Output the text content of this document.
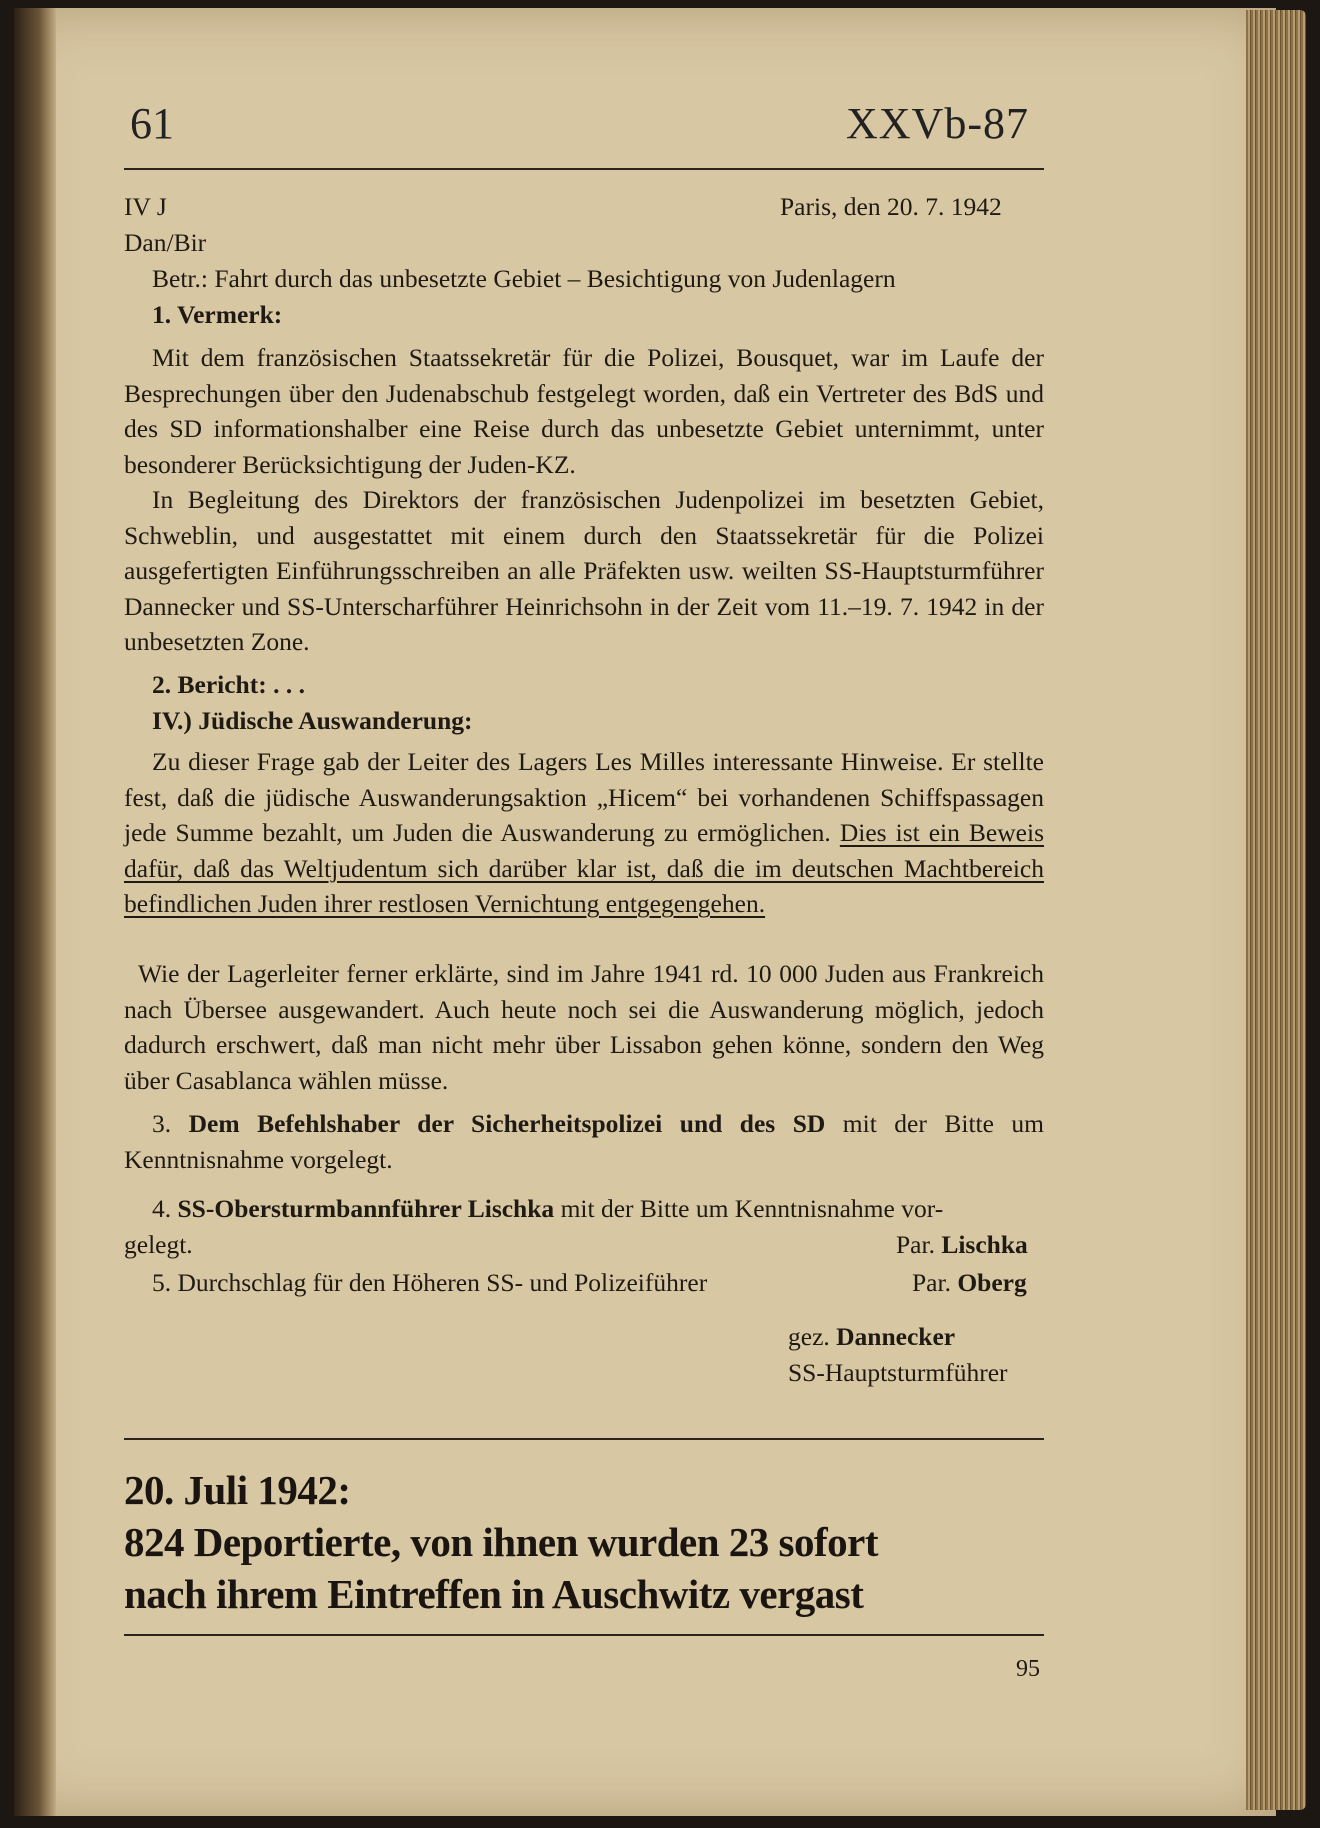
61	XXVb-87
IV J	Paris, den 20. 7. 1942
Dan/Bir
Betr.: Fahrt durch das unbesetzte Gebiet – Besichtigung von Judenlagern
1. Vermerk:
Mit dem französischen Staatssekretär für die Polizei, Bousquet, war im Laufe der Besprechungen über den Judenabschub festgelegt worden, daß ein Vertreter des BdS und des SD informationshalber eine Reise durch das unbesetzte Gebiet unternimmt, unter besonderer Berücksichtigung der Juden-KZ.
In Begleitung des Direktors der französischen Judenpolizei im besetzten Gebiet, Schweblin, und ausgestattet mit einem durch den Staatssekretär für die Polizei ausgefertigten Einführungsschreiben an alle Präfekten usw. weilten SS-Hauptsturmführer Dannecker und SS-Unterscharführer Heinrichsohn in der Zeit vom 11.–19. 7. 1942 in der unbesetzten Zone.
2. Bericht: . . .
IV.) Jüdische Auswanderung:
Zu dieser Frage gab der Leiter des Lagers Les Milles interessante Hinweise. Er stellte fest, daß die jüdische Auswanderungsaktion „Hicem“ bei vorhandenen Schiffspassagen jede Summe bezahlt, um Juden die Auswanderung zu ermöglichen. Dies ist ein Beweis dafür, daß das Weltjudentum sich darüber klar ist, daß die im deutschen Machtbereich befindlichen Juden ihrer restlosen Vernichtung entgegengehen.
Wie der Lagerleiter ferner erklärte, sind im Jahre 1941 rd. 10 000 Juden aus Frankreich nach Übersee ausgewandert. Auch heute noch sei die Auswanderung möglich, jedoch dadurch erschwert, daß man nicht mehr über Lissabon gehen könne, sondern den Weg über Casablanca wählen müsse.
3. Dem Befehlshaber der Sicherheitspolizei und des SD mit der Bitte um Kenntnisnahme vorgelegt.
4. SS-Obersturmbannführer Lischka mit der Bitte um Kenntnisnahme vor-
gelegt.	Par. Lischka
5. Durchschlag für den Höheren SS- und Polizeiführer	Par. Oberg
gez. Dannecker
SS-Hauptsturmführer
20. Juli 1942:
824 Deportierte, von ihnen wurden 23 sofort
nach ihrem Eintreffen in Auschwitz vergast
95
